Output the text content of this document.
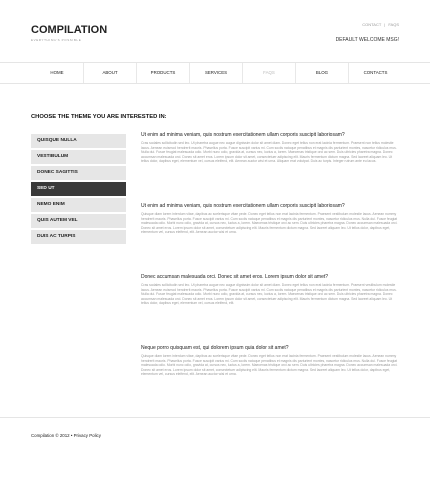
COMPILATION
EVERYTHING'S POSSIBLE
CONTACT | FAQS
DEFAULT WELCOME MSG!
HOME	ABOUT	PRODUCTS	SERVICES	FAQS	BLOG	CONTACTS
CHOOSE THE THEME YOU ARE INTERESTED IN:
QUISQUE NULLA
VESTIBULUM
DONEC SAGITTIS
SED UT
NEMO ENIM
QUIS AUTEM VEL
DUIS AC TURPIS
Ut enim ad minima veniam, quis nostrum exercitationem ullam corporis suscipit laboriosam?
Cras sodales sollicitudin sed leo. Ut pharetra augue nec augue dignissim dolor sit amet diam. Donec eget tellus non erat lacinia fermentum. Praesent non tellus molestie lacus. Aenean euismod hendrerit mauris. Phasellus porta. Fusce suscipit varius mi. Cum sociis natoque penatibus et magnis dis parturient montes, nascetur ridiculus mus. Nulla dui. Fusce feugiat malesuada odio. Morbi nunc odio, gravida at, cursus nec, luctus a, lorem. Maecenas tristique orci ac sem. Duis ultricies pharetra magna. Donec accumsan malesuada orci. Donec sit amet eros. Lorem ipsum dolor sit amet, consectetuer adipiscing elit. Mauris fermentum dictum magna. Sed laoreet aliquam leo. Ut tellus dolor, dapibus eget, elementum vel, cursus eleifend, elit. Aenean auctor wisi et urna. Aliquam erat volutpat. Duis ac turpis. Integer rutrum ante eu lacus.
Ut enim ad minima veniam, quis nostrum exercitationem ullam corporis suscipit laboriosam?
Quisque diam lorem interdum vitae, dapibus ac scelerisque vitae pede. Donec eget tellus non erat lacinia fermentum. Praesent vestibulum molestie lacus. Aenean nummy hendrerit mauris. Phasellus porta. Fusce suscipit varius mi. Cum sociis natoque penatibus et magnis dis parturient montes, nascetur ridiculus mus. Nulla dui. Fusce feugiat malesuada odio. Morbi nunc odio, gravida at, cursus nec, luctus a, lorem. Maecenas tristique orci ac sem. Duis ultricies pharetra magna. Donec accumsan malesuada orci. Donec sit amet eros. Lorem ipsum dolor sit amet, consectetuer adipiscing elit. Mauris fermentum dictum magna. Sed laoreet aliquam leo. Ut tellus dolor, dapibus eget, elementum vel, cursus eleifend, elit. Aenean auctor wisi et urna.
Donec accumsan malesuada orci. Donec sit amet eros. Lorem ipsum dolor sit amet?
Cras sodales sollicitudin sed leo. Ut pharetra augue nec augue dignissim dolor sit amet diam. Donec eget tellus non erat lacinia fermentum. Praesent vestibulum molestie lacus. Aenean euismod hendrerit mauris. Phasellus porta. Fusce suscipit varius mi. Cum sociis natoque penatibus et magnis dis parturient montes, nascetur ridiculus mus. Nulla dui. Fusce feugiat malesuada odio. Morbi nunc odio, gravida at, cursus nec, luctus a, lorem. Maecenas tristique orci ac sem. Duis ultricies pharetra magna. Donec accumsan malesuada orci. Donec sit amet eros. Lorem ipsum dolor sit amet, consectetuer adipiscing elit. Mauris fermentum dictum magna. Sed laoreet aliquam leo. Ut tellus dolor, dapibus eget, elementum vel, cursus eleifend, elit.
Neque porro quisquam est, qui dolorem ipsum quia dolor sit amet?
Quisque diam lorem interdum vitae, dapibus ac scelerisque vitae pede. Donec eget tellus non erat lacinia fermentum. Praesent vestibulum molestie lacus. Aenean nummy hendrerit mauris. Phasellus porta. Fusce suscipit varius mi. Cum sociis natoque penatibus et magnis dis parturient montes, nascetur ridiculus mus. Nulla dui. Fusce feugiat malesuada odio. Morbi nunc odio, gravida at, cursus nec, luctus a, lorem. Maecenas tristique orci ac sem. Duis ultricies pharetra magna. Donec accumsan malesuada orci. Donec sit amet eros. Lorem ipsum dolor sit amet, consectetuer adipiscing elit. Mauris fermentum dictum magna. Sed laoreet aliquam leo. Ut tellus dolor, dapibus eget, elementum vel, cursus eleifend, elit. Aenean auctor wisi et urna.
Compilation © 2012 • Privacy Policy
